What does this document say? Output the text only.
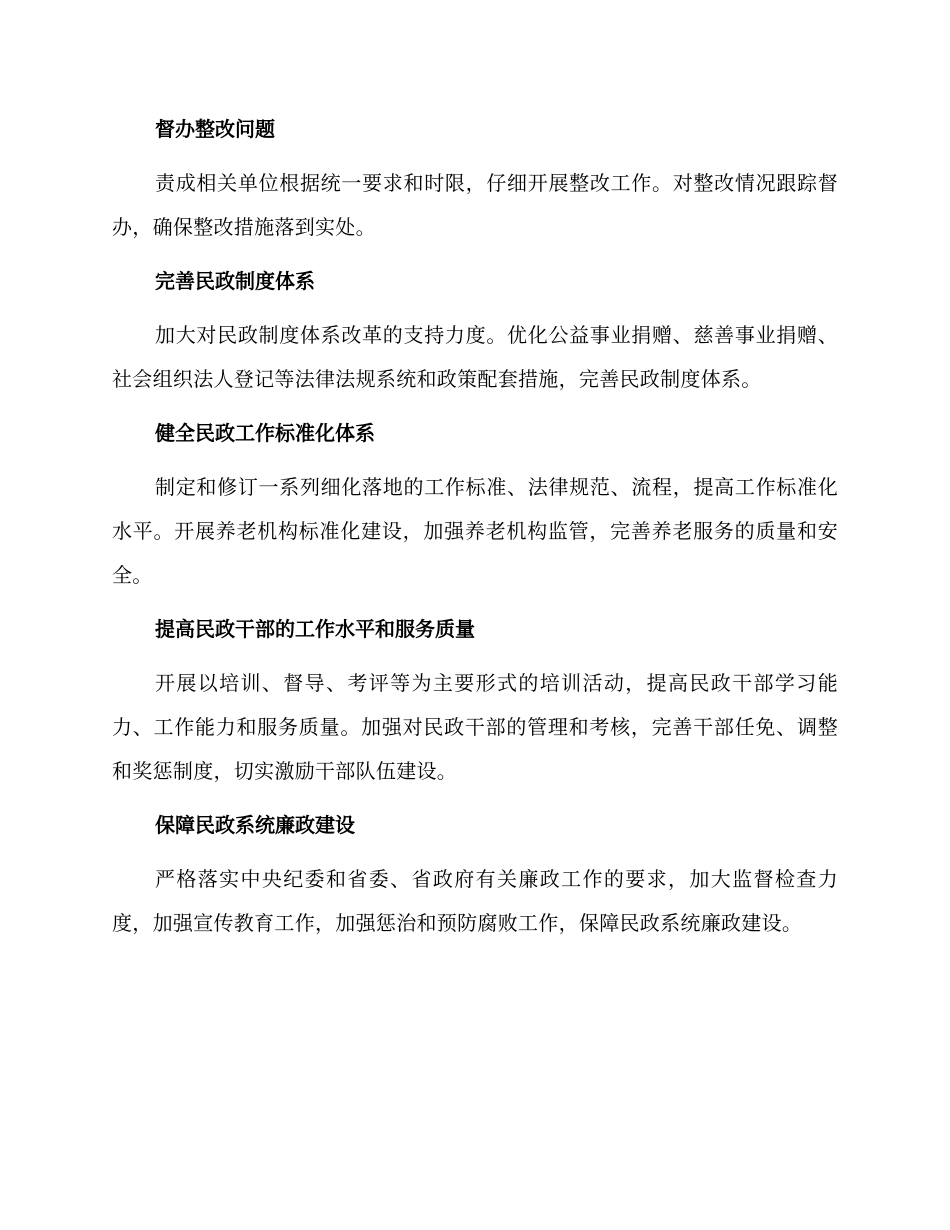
督办整改问题

责成相关单位根据统一要求和时限，仔细开展整改工作。对整改情况跟踪督办，确保整改措施落到实处。

完善民政制度体系

加大对民政制度体系改革的支持力度。优化公益事业捐赠、慈善事业捐赠、社会组织法人登记等法律法规系统和政策配套措施，完善民政制度体系。

健全民政工作标准化体系

制定和修订一系列细化落地的工作标准、法律规范、流程，提高工作标准化水平。开展养老机构标准化建设，加强养老机构监管，完善养老服务的质量和安全。

提高民政干部的工作水平和服务质量

开展以培训、督导、考评等为主要形式的培训活动，提高民政干部学习能力、工作能力和服务质量。加强对民政干部的管理和考核，完善干部任免、调整和奖惩制度，切实激励干部队伍建设。

保障民政系统廉政建设

严格落实中央纪委和省委、省政府有关廉政工作的要求，加大监督检查力度，加强宣传教育工作，加强惩治和预防腐败工作，保障民政系统廉政建设。
